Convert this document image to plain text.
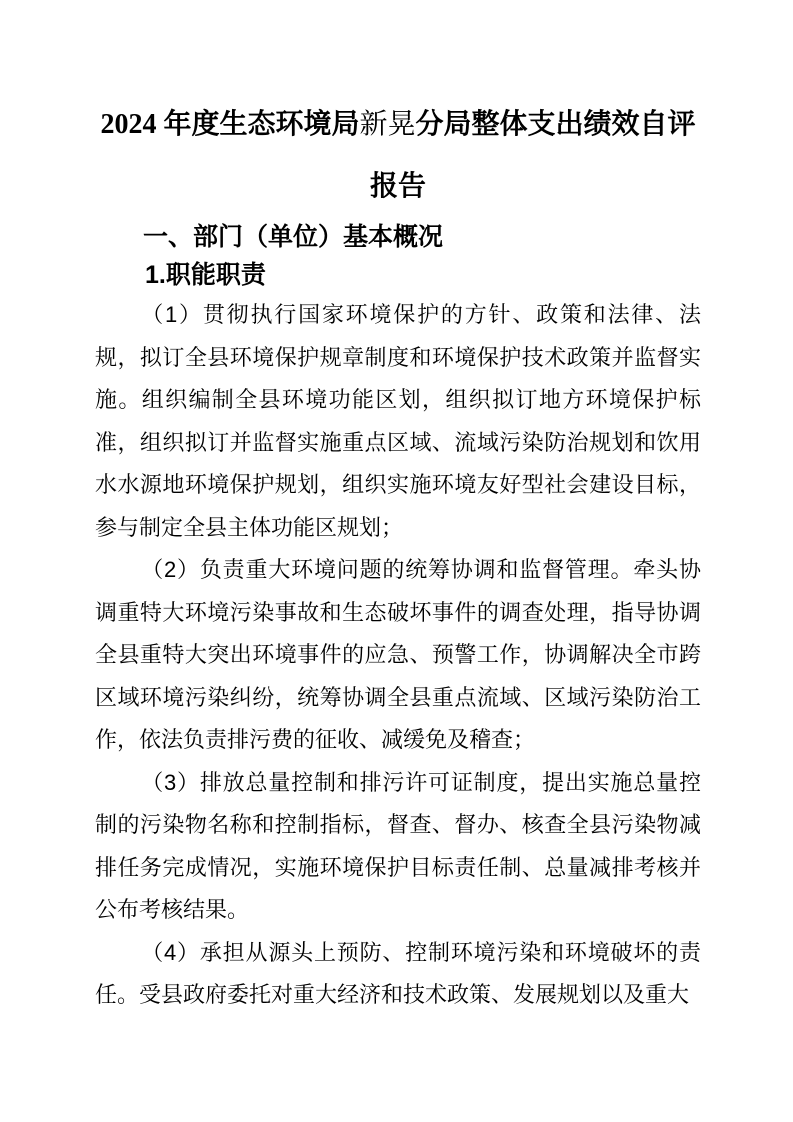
2024 年度生态环境局新晃分局整体支出绩效自评
报告
一、部门（单位）基本概况
1.职能职责

（1）贯彻执行国家环境保护的方针、政策和法律、法规，拟订全县环境保护规章制度和环境保护技术政策并监督实施。组织编制全县环境功能区划，组织拟订地方环境保护标准，组织拟订并监督实施重点区域、流域污染防治规划和饮用水水源地环境保护规划，组织实施环境友好型社会建设目标，参与制定全县主体功能区规划；

（2）负责重大环境问题的统筹协调和监督管理。牵头协调重特大环境污染事故和生态破坏事件的调查处理，指导协调全县重特大突出环境事件的应急、预警工作，协调解决全市跨区域环境污染纠纷，统筹协调全县重点流域、区域污染防治工作，依法负责排污费的征收、减缓免及稽查；

（3）排放总量控制和排污许可证制度，提出实施总量控制的污染物名称和控制指标，督查、督办、核查全县污染物减排任务完成情况，实施环境保护目标责任制、总量减排考核并公布考核结果。

（4）承担从源头上预防、控制环境污染和环境破坏的责任。受县政府委托对重大经济和技术政策、发展规划以及重大
